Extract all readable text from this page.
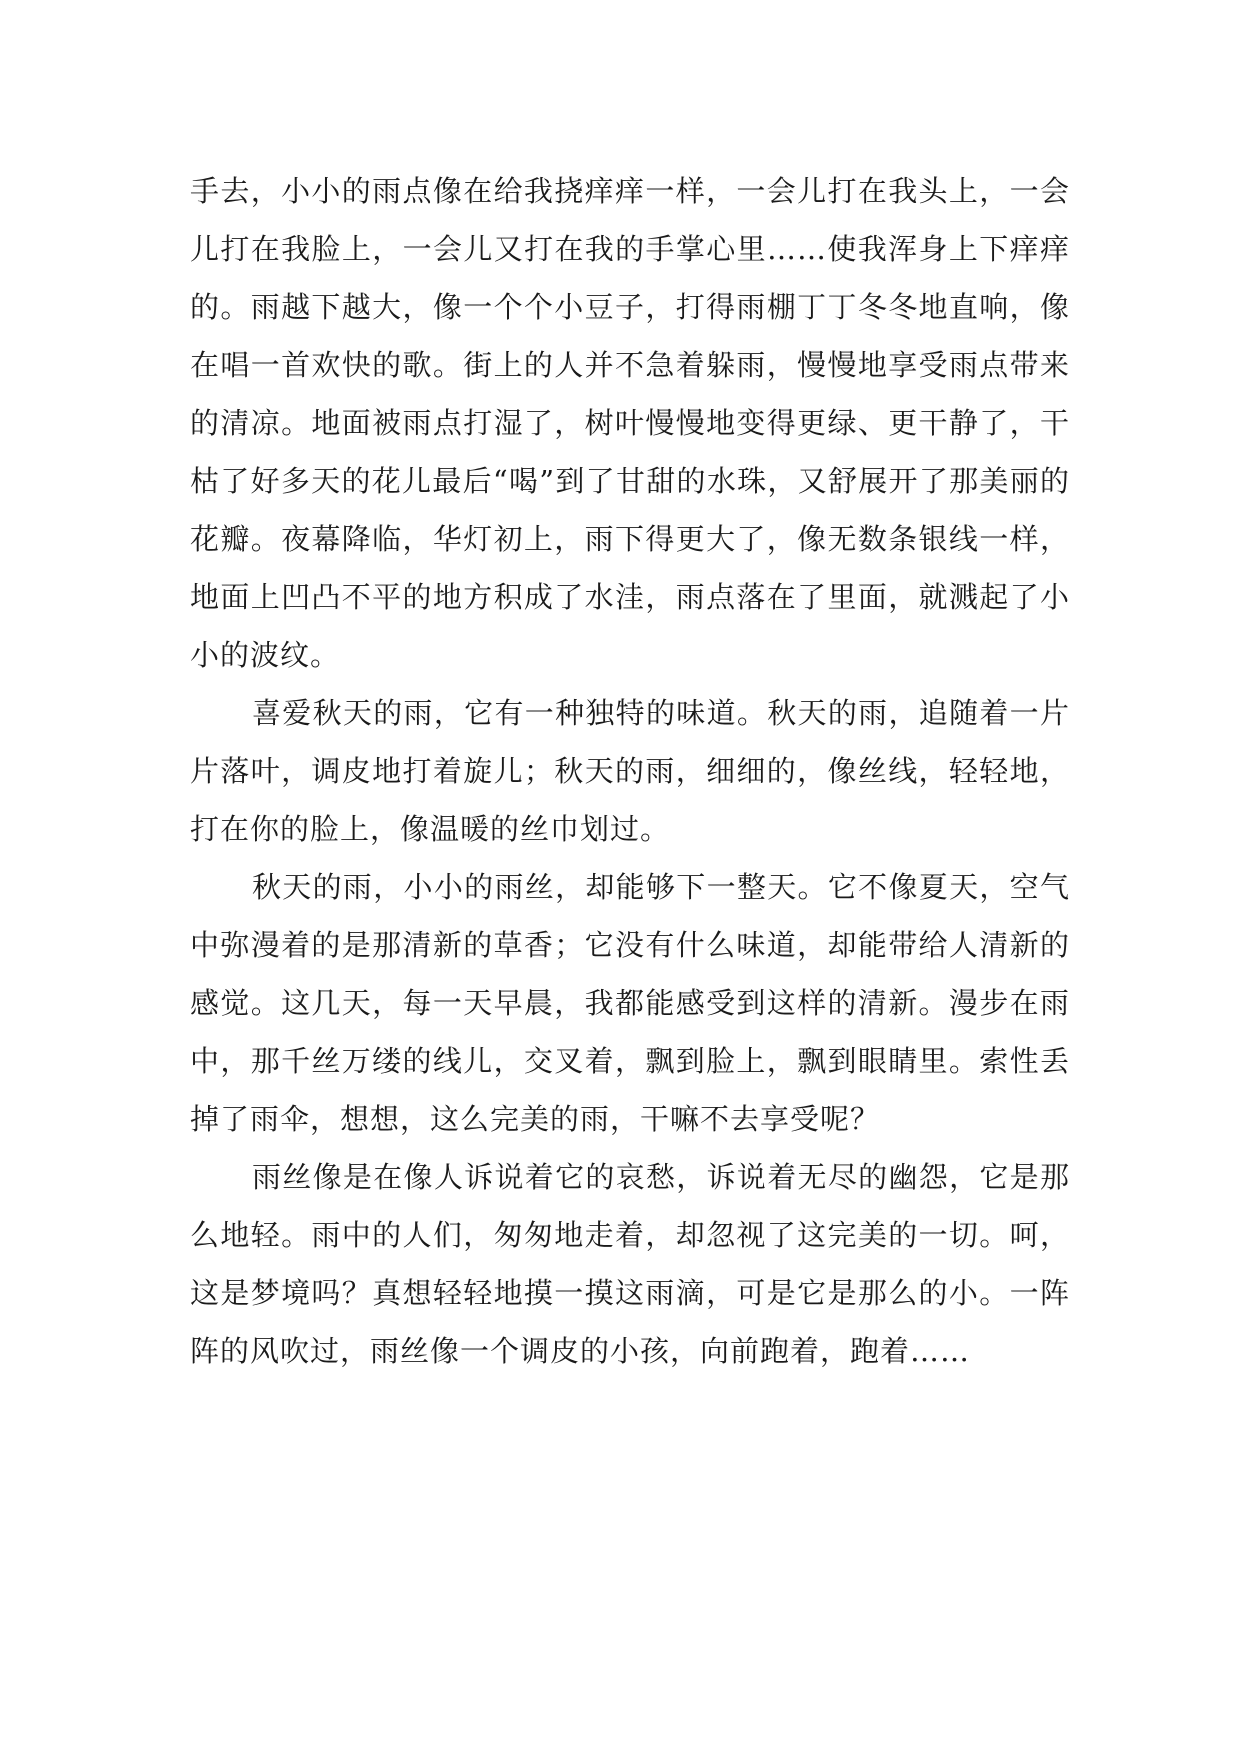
手去，小小的雨点像在给我挠痒痒一样，一会儿打在我头上，一会儿打在我脸上，一会儿又打在我的手掌心里……使我浑身上下痒痒的。雨越下越大，像一个个小豆子，打得雨棚丁丁冬冬地直响，像在唱一首欢快的歌。街上的人并不急着躲雨，慢慢地享受雨点带来的清凉。地面被雨点打湿了，树叶慢慢地变得更绿、更干静了，干枯了好多天的花儿最后“喝”到了甘甜的水珠，又舒展开了那美丽的花瓣。夜幕降临，华灯初上，雨下得更大了，像无数条银线一样，地面上凹凸不平的地方积成了水洼，雨点落在了里面，就溅起了小小的波纹。

喜爱秋天的雨，它有一种独特的味道。秋天的雨，追随着一片片落叶，调皮地打着旋儿；秋天的雨，细细的，像丝线，轻轻地，打在你的脸上，像温暖的丝巾划过。

秋天的雨，小小的雨丝，却能够下一整天。它不像夏天，空气中弥漫着的是那清新的草香；它没有什么味道，却能带给人清新的感觉。这几天，每一天早晨，我都能感受到这样的清新。漫步在雨中，那千丝万缕的线儿，交叉着，飘到脸上，飘到眼睛里。索性丢掉了雨伞，想想，这么完美的雨，干嘛不去享受呢？

雨丝像是在像人诉说着它的哀愁，诉说着无尽的幽怨，它是那么地轻。雨中的人们，匆匆地走着，却忽视了这完美的一切。呵，这是梦境吗？真想轻轻地摸一摸这雨滴，可是它是那么的小。一阵阵的风吹过，雨丝像一个调皮的小孩，向前跑着，跑着……
